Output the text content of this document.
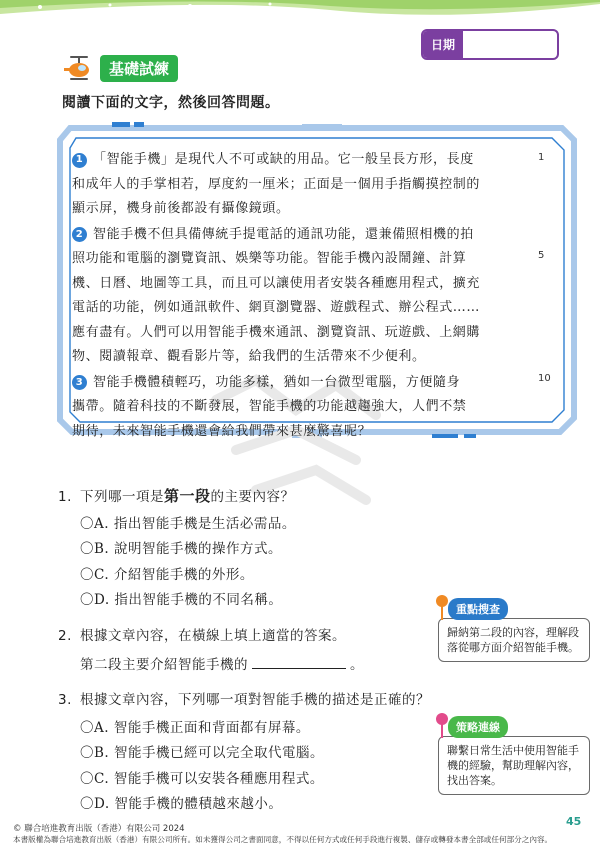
日期
基礎試練
閱讀下面的文字，然後回答問題。

1 「智能手機」是現代人不可或缺的用品。它一般呈長方形，長度
和成年人的手掌相若，厚度約一厘米；正面是一個用手指觸摸控制的
顯示屏，機身前後都設有攝像鏡頭。

2 智能手機不但具備傳統手提電話的通訊功能，還兼備照相機的拍
照功能和電腦的瀏覽資訊、娛樂等功能。智能手機內設鬧鐘、計算
機、日曆、地圖等工具，而且可以讓使用者安裝各種應用程式，擴充
電話的功能，例如通訊軟件、網頁瀏覽器、遊戲程式、辦公程式……
應有盡有。人們可以用智能手機來通訊、瀏覽資訊、玩遊戲、上網購
物、閱讀報章、觀看影片等，給我們的生活帶來不少便利。

3 智能手機體積輕巧，功能多樣，猶如一台微型電腦，方便隨身
攜帶。隨着科技的不斷發展，智能手機的功能越趨強大，人們不禁
期待，未來智能手機還會給我們帶來甚麼驚喜呢？

1
5
10
1. 下列哪一項是第一段的主要內容？
〇A. 指出智能手機是生活必需品。
〇B. 說明智能手機的操作方式。
〇C. 介紹智能手機的外形。
〇D. 指出智能手機的不同名稱。
2. 根據文章內容，在橫線上填上適當的答案。
第二段主要介紹智能手機的	。
3. 根據文章內容，下列哪一項對智能手機的描述是正確的？
〇A. 智能手機正面和背面都有屏幕。
〇B. 智能手機已經可以完全取代電腦。
〇C. 智能手機可以安裝各種應用程式。
〇D. 智能手機的體積越來越小。
重點搜查
歸納第二段的內容，理解段落從哪方面介紹智能手機。
策略連線
聯繫日常生活中使用智能手機的經驗，幫助理解內容，找出答案。
© 聯合培進教育出版（香港）有限公司 2024
本書版權為聯合培進教育出版（香港）有限公司所有。如未獲得公司之書面同意，不得以任何方式或任何手段進行複製、儲存或轉發本書全部或任何部分之內容。
45
